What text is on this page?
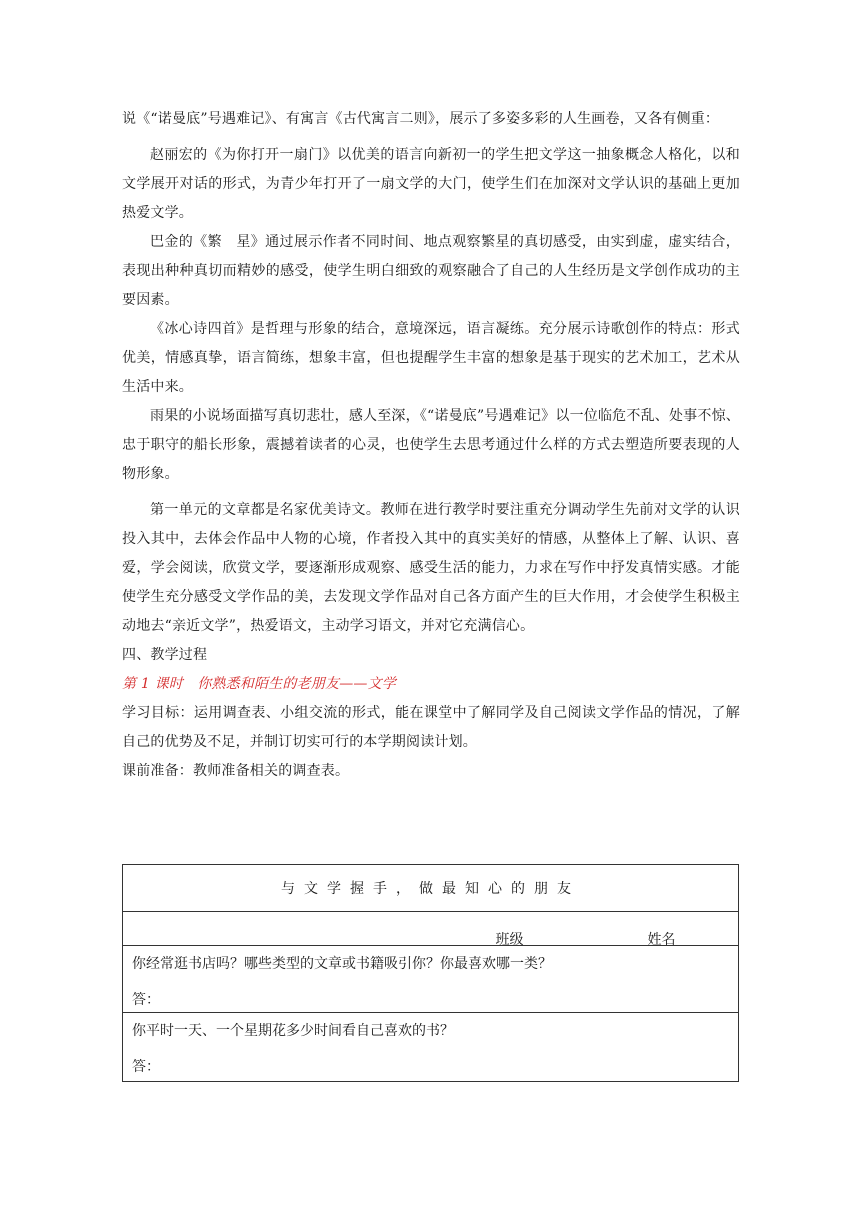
说《“诺曼底”号遇难记》、有寓言《古代寓言二则》，展示了多姿多彩的人生画卷，又各有侧重：

赵丽宏的《为你打开一扇门》以优美的语言向新初一的学生把文学这一抽象概念人格化，以和文学展开对话的形式，为青少年打开了一扇文学的大门，使学生们在加深对文学认识的基础上更加热爱文学。

巴金的《繁　星》通过展示作者不同时间、地点观察繁星的真切感受，由实到虚，虚实结合，表现出种种真切而精妙的感受，使学生明白细致的观察融合了自己的人生经历是文学创作成功的主要因素。

《冰心诗四首》是哲理与形象的结合，意境深远，语言凝练。充分展示诗歌创作的特点：形式优美，情感真挚，语言简练，想象丰富，但也提醒学生丰富的想象是基于现实的艺术加工，艺术从生活中来。

雨果的小说场面描写真切悲壮，感人至深，《“诺曼底”号遇难记》以一位临危不乱、处事不惊、忠于职守的船长形象，震撼着读者的心灵，也使学生去思考通过什么样的方式去塑造所要表现的人物形象。

第一单元的文章都是名家优美诗文。教师在进行教学时要注重充分调动学生先前对文学的认识投入其中，去体会作品中人物的心境，作者投入其中的真实美好的情感，从整体上了解、认识、喜爱，学会阅读，欣赏文学，要逐渐形成观察、感受生活的能力，力求在写作中抒发真情实感。才能使学生充分感受文学作品的美，去发现文学作品对自己各方面产生的巨大作用，才会使学生积极主动地去“亲近文学”，热爱语文，主动学习语文，并对它充满信心。

四、教学过程

第 1 课时　你熟悉和陌生的老朋友——文学

学习目标：运用调查表、小组交流的形式，能在课堂中了解同学及自己阅读文学作品的情况，了解自己的优势及不足，并制订切实可行的本学期阅读计划。

课前准备：教师准备相关的调查表。

与文学握手，做最知心的朋友

班级	姓名

你经常逛书店吗？哪些类型的文章或书籍吸引你？你最喜欢哪一类？
答：

你平时一天、一个星期花多少时间看自己喜欢的书？
答：
